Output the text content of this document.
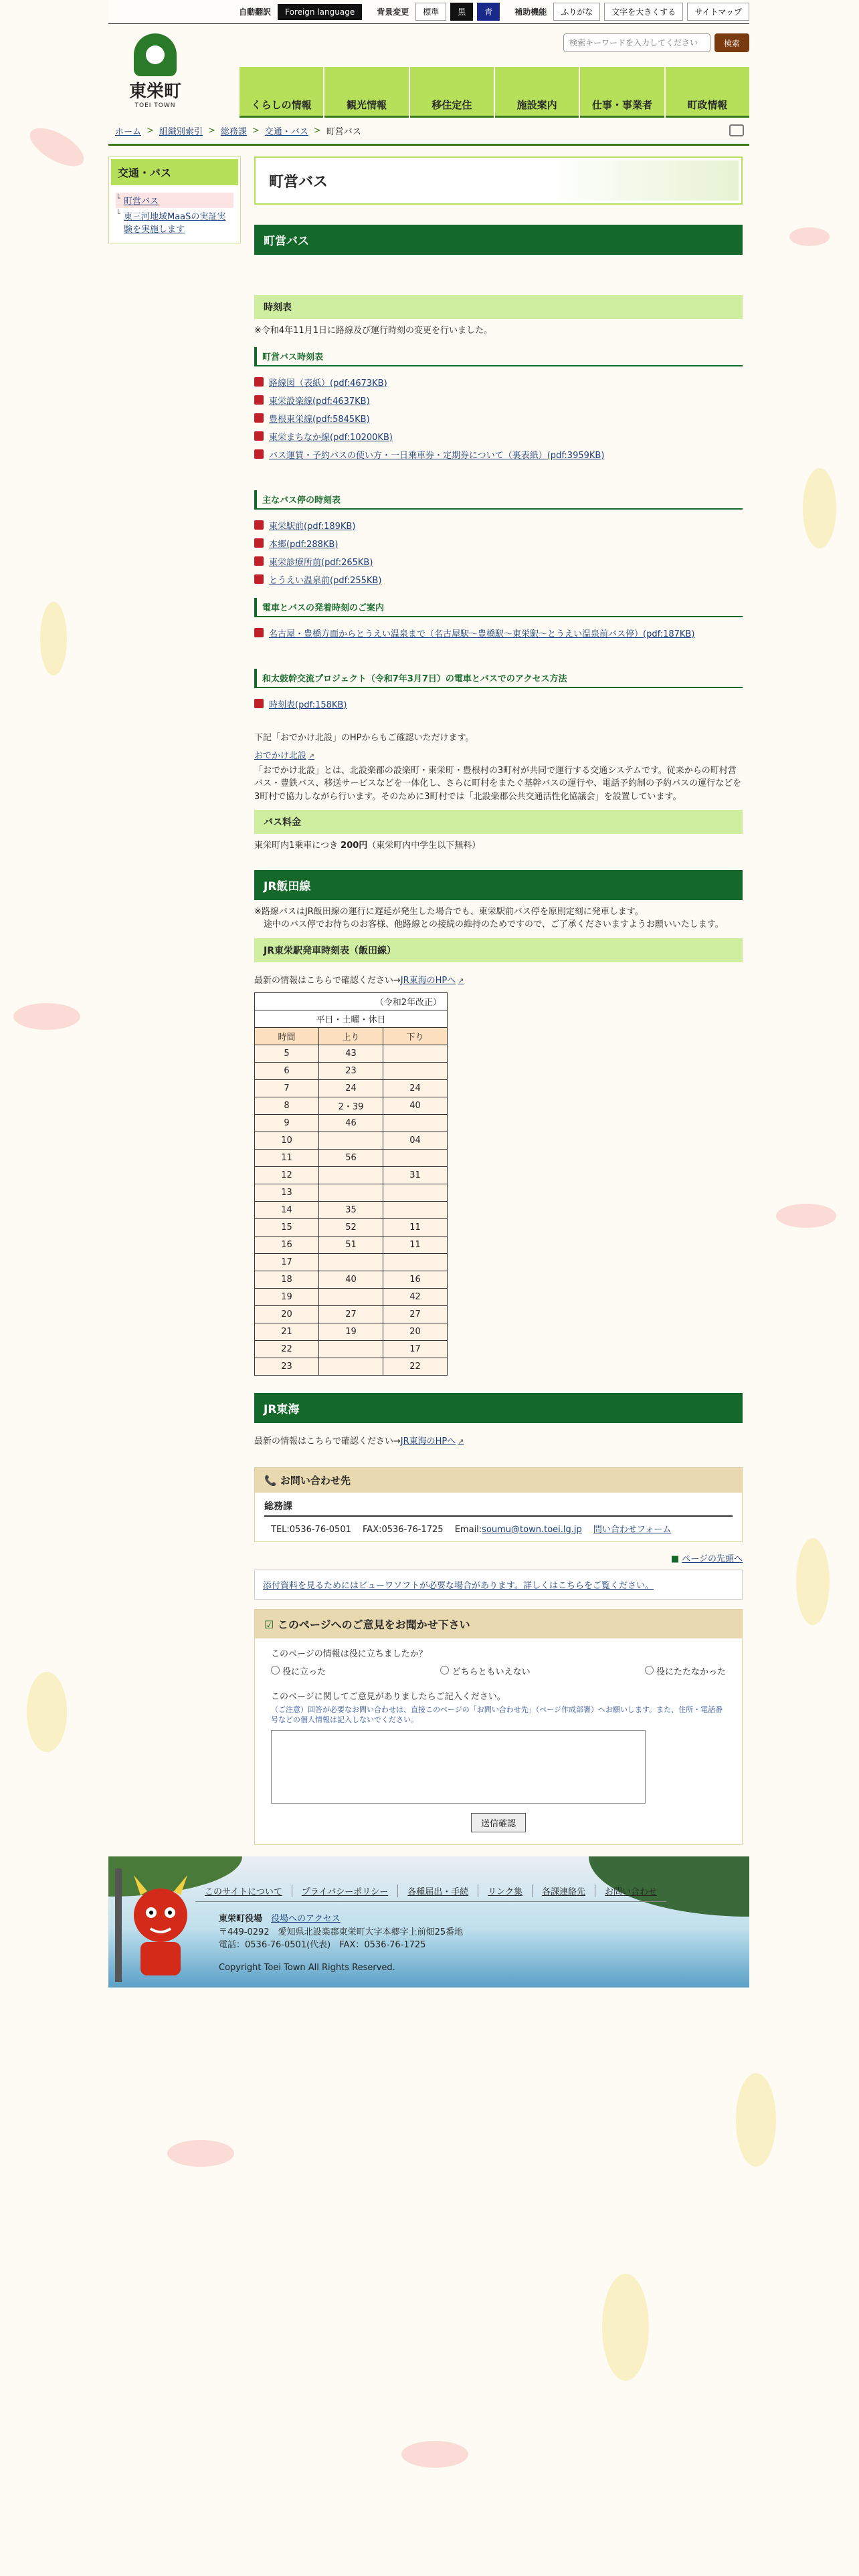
自動翻訳	Foreign language	背景変更	標準	黒	青	補助機能	ふりがな	文字を大きくする	サイトマップ
東栄町
TOEI TOWN
検索キーワードを入力してください
検索
くらしの情報	観光情報	移住定住	施設案内	仕事・事業者	町政情報
ホーム > 組織別索引 > 総務課 > 交通・バス > 町営バス
交通・バス
└ 町営バス
└ 東三河地域MaaSの実証実験を実施します
町営バス
町営バス
時刻表

※令和4年11月1日に路線及び運行時刻の変更を行いました。

町営バス時刻表
路線図（表紙）(pdf:4673KB)
東栄設楽線(pdf:4637KB)
豊根東栄線(pdf:5845KB)
東栄まちなか線(pdf:10200KB)
バス運賃・予約バスの使い方・一日乗車券・定期券について（裏表紙）(pdf:3959KB)
主なバス停の時刻表
東栄駅前(pdf:189KB)
本郷(pdf:288KB)
東栄診療所前(pdf:265KB)
とうえい温泉前(pdf:255KB)
電車とバスの発着時刻のご案内
名古屋・豊橋方面からとうえい温泉まで（名古屋駅〜豊橋駅〜東栄駅〜とうえい温泉前バス停）(pdf:187KB)
和太鼓幹交流プロジェクト（令和7年3月7日）の電車とバスでのアクセス方法
時刻表(pdf:158KB)

下記「おでかけ北設」のHPからもご確認いただけます。

おでかけ北設 ↗

「おでかけ北設」とは、北設楽郡の設楽町・東栄町・豊根村の3町村が共同で運行する交通システムです。従来からの町村営バス・豊鉄バス、移送サービスなどを一体化し、さらに町村をまたぐ基幹バスの運行や、電話予約制の予約バスの運行などを3町村で協力しながら行います。そのために3町村では「北設楽郡公共交通活性化協議会」を設置しています。

バス料金

東栄町内1乗車につき 200円（東栄町内中学生以下無料）

JR飯田線

※路線バスはJR飯田線の運行に遅延が発生した場合でも、東栄駅前バス停を原則定刻に発車します。

途中のバス停でお待ちのお客様、他路線との接続の維持のためですので、ご了承くださいますようお願いいたします。

JR東栄駅発車時刻表（飯田線）

最新の情報はこちらで確認ください→JR東海のHPへ ↗

（令和2年改正）		
平日・土曜・休日		
時間	上り	下り
5	43	
6	23	
7	24	24
8	2・39	40
9	46	
10		04
11	56	
12		31
13		
14	35	
15	52	11
16	51	11
17		
18	40	16
19		42
20	27	27
21	19	20
22		17
23		22
JR東海

最新の情報はこちらで確認ください→JR東海のHPへ ↗

📞 お問い合わせ先
総務課
TEL:0536-76-0501　 FAX:0536-76-1725　 Email:soumu@town.toei.lg.jp　 問い合わせフォーム
■ ページの先頭へ
添付資料を見るためにはビューワソフトが必要な場合があります。詳しくはこちらをご覧ください。
☑ このページへのご意見をお聞かせ下さい

このページの情報は役に立ちましたか？

役に立った	どちらともいえない	役にたたなかった

このページに関してご意見がありましたらご記入ください。

（ご注意）回答が必要なお問い合わせは、直接このページの「お問い合わせ先」（ページ作成部署）へお願いします。また、住所・電話番号などの個人情報は記入しないでください。

送信確認
このサイトについて	プライバシーポリシー	各種届出・手続	リンク集	各課連絡先	お問い合わせ
東栄町役場　 役場へのアクセス
〒449-0292　愛知県北設楽郡東栄町大字本郷字上前畑25番地
電話：0536-76-0501(代表)　FAX：0536-76-1725
Copyright Toei Town All Rights Reserved.
